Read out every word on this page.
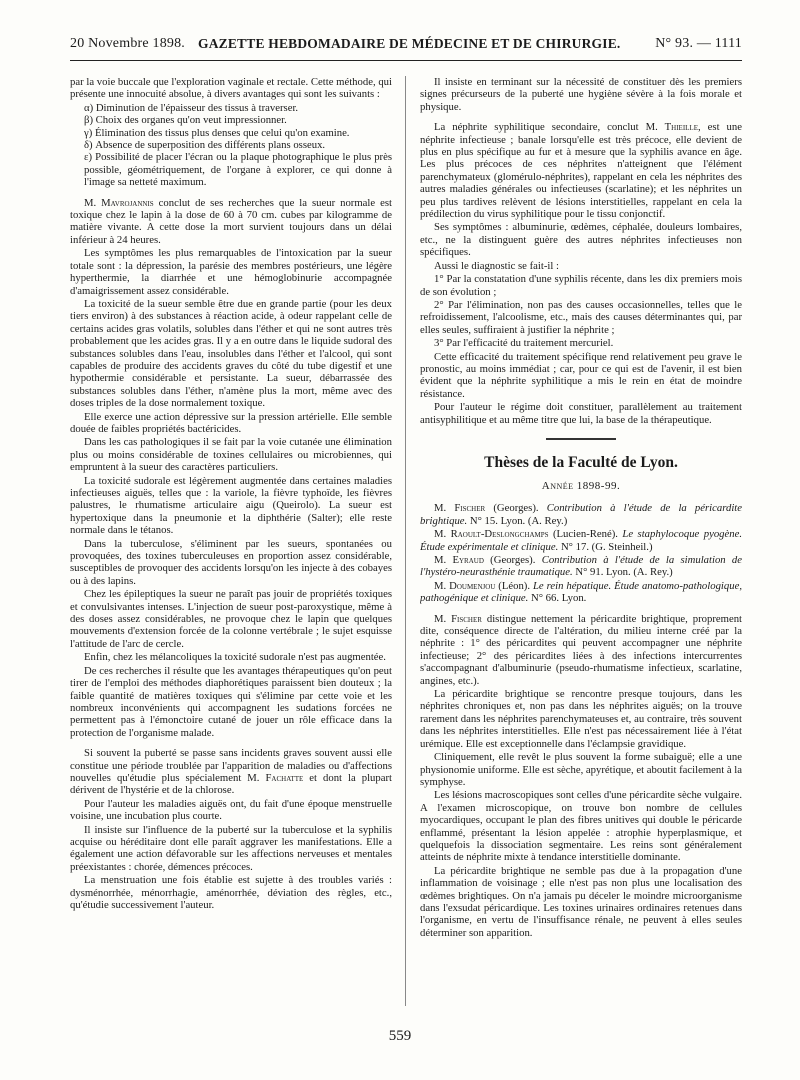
20 Novembre 1898. GAZETTE HEBDOMADAIRE DE MÉDECINE ET DE CHIRURGIE. N° 93. — 1111

par la voie buccale que l'exploration vaginale et rectale. Cette méthode, qui présente une innocuité absolue, à divers avantages qui sont les suivants :

α) Diminution de l'épaisseur des tissus à traverser.
β) Choix des organes qu'on veut impressionner.
γ) Élimination des tissus plus denses que celui qu'on examine.
δ) Absence de superposition des différents plans osseux.
ε) Possibilité de placer l'écran ou la plaque photographique le plus près possible, géométriquement, de l'organe à explorer, ce qui donne à l'image sa netteté maximum.

M. Mavrojannis conclut de ses recherches que la sueur normale est toxique chez le lapin à la dose de 60 à 70 cm. cubes par kilogramme de matière vivante. A cette dose la mort survient toujours dans un délai inférieur à 24 heures.

Les symptômes les plus remarquables de l'intoxication par la sueur totale sont : la dépression, la parésie des membres postérieurs, une légère hyperthermie, la diarrhée et une hémoglobinurie accompagnée d'amaigrissement assez considérable.

La toxicité de la sueur semble être due en grande partie (pour les deux tiers environ) à des substances à réaction acide, à odeur rappelant celle de certains acides gras volatils, solubles dans l'éther et qui ne sont autres très probablement que les acides gras. Il y a en outre dans le liquide sudoral des substances solubles dans l'eau, insolubles dans l'éther et l'alcool, qui sont capables de produire des accidents graves du côté du tube digestif et une hypothermie considérable et persistante. La sueur, débarrassée des substances solubles dans l'éther, n'amène plus la mort, même avec des doses triples de la dose normalement toxique.

Elle exerce une action dépressive sur la pression artérielle. Elle semble douée de faibles propriétés bactéricides.

Dans les cas pathologiques il se fait par la voie cutanée une élimination plus ou moins considérable de toxines cellulaires ou microbiennes, qui empruntent à la sueur des caractères particuliers.

La toxicité sudorale est légèrement augmentée dans certaines maladies infectieuses aiguës, telles que : la variole, la fièvre typhoïde, les fièvres palustres, le rhumatisme articulaire aigu (Queirolo). La sueur est hypertoxique dans la pneumonie et la diphthérie (Salter); elle reste normale dans le tétanos.

Dans la tuberculose, s'éliminent par les sueurs, spontanées ou provoquées, des toxines tuberculeuses en proportion assez considérable, susceptibles de provoquer des accidents lorsqu'on les injecte à des cobayes ou à des lapins.

Chez les épileptiques la sueur ne paraît pas jouir de propriétés toxiques et convulsivantes intenses. L'injection de sueur post-paroxystique, même à des doses assez considérables, ne provoque chez le lapin que quelques mouvements d'extension forcée de la colonne vertébrale ; le sujet esquisse l'attitude de l'arc de cercle.

Enfin, chez les mélancoliques la toxicité sudorale n'est pas augmentée.

De ces recherches il résulte que les avantages thérapeutiques qu'on peut tirer de l'emploi des méthodes diaphorétiques paraissent bien douteux ; la faible quantité de matières toxiques qui s'élimine par cette voie et les nombreux inconvénients qui accompagnent les sudations forcées ne permettent pas à l'émonctoire cutané de jouer un rôle efficace dans la protection de l'organisme malade.

Si souvent la puberté se passe sans incidents graves souvent aussi elle constitue une période troublée par l'apparition de maladies ou d'affections nouvelles qu'étudie plus spécialement M. Fachatte et dont la plupart dérivent de l'hystérie et de la chlorose.

Pour l'auteur les maladies aiguës ont, du fait d'une époque menstruelle voisine, une incubation plus courte.

Il insiste sur l'influence de la puberté sur la tuberculose et la syphilis acquise ou héréditaire dont elle paraît aggraver les manifestations. Elle a également une action défavorable sur les affections nerveuses et mentales préexistantes : chorée, démences précoces.

La menstruation une fois établie est sujette à des troubles variés : dysménorrhée, ménorrhagie, aménorrhée, déviation des règles, etc., qu'étudie successivement l'auteur.

Il insiste en terminant sur la nécessité de constituer dès les premiers signes précurseurs de la puberté une hygiène sévère à la fois morale et physique.

La néphrite syphilitique secondaire, conclut M. Thieille, est une néphrite infectieuse ; banale lorsqu'elle est très précoce, elle devient de plus en plus spécifique au fur et à mesure que la syphilis avance en âge. Les plus précoces de ces néphrites n'atteignent que l'élément parenchymateux (glomérulo-néphrites), rappelant en cela les néphrites des autres maladies générales ou infectieuses (scarlatine); et les néphrites un peu plus tardives relèvent de lésions interstitielles, rappelant en cela la prédilection du virus syphilitique pour le tissu conjonctif.

Ses symptômes : albuminurie, œdèmes, céphalée, douleurs lombaires, etc., ne la distinguent guère des autres néphrites infectieuses non spécifiques.

Aussi le diagnostic se fait-il :

1° Par la constatation d'une syphilis récente, dans les dix premiers mois de son évolution ;

2° Par l'élimination, non pas des causes occasionnelles, telles que le refroidissement, l'alcoolisme, etc., mais des causes déterminantes qui, par elles seules, suffiraient à justifier la néphrite ;

3° Par l'efficacité du traitement mercuriel.

Cette efficacité du traitement spécifique rend relativement peu grave le pronostic, au moins immédiat ; car, pour ce qui est de l'avenir, il est bien évident que la néphrite syphilitique a mis le rein en état de moindre résistance.

Pour l'auteur le régime doit constituer, parallèlement au traitement antisyphilitique et au même titre que lui, la base de la thérapeutique.

Thèses de la Faculté de Lyon.
Année 1898-99.

M. Fischer (Georges). Contribution à l'étude de la péricardite brightique. N° 15. Lyon. (A. Rey.)

M. Raoult-Deslongchamps (Lucien-René). Le staphylocoque pyogène. Étude expérimentale et clinique. N° 17. (G. Steinheil.)

M. Eyraud (Georges). Contribution à l'étude de la simulation de l'hystéro-neurasthénie traumatique. N° 91. Lyon. (A. Rey.)

M. Doumenjou (Léon). Le rein hépatique. Étude anatomo-pathologique, pathogénique et clinique. N° 66. Lyon.

M. Fischer distingue nettement la péricardite brightique, proprement dite, conséquence directe de l'altération, du milieu interne créé par la néphrite : 1° des péricardites qui peuvent accompagner une néphrite infectieuse; 2° des péricardites liées à des infections intercurrentes s'accompagnant d'albuminurie (pseudo-rhumatisme infectieux, scarlatine, angines, etc.).

La péricardite brightique se rencontre presque toujours, dans les néphrites chroniques et, non pas dans les néphrites aiguës; on la trouve rarement dans les néphrites parenchymateuses et, au contraire, très souvent dans les néphrites interstitielles. Elle n'est pas nécessairement liée à l'état urémique. Elle est exceptionnelle dans l'éclampsie gravidique.

Cliniquement, elle revêt le plus souvent la forme subaiguë; elle a une physionomie uniforme. Elle est sèche, apyrétique, et aboutit facilement à la symphyse.

Les lésions macroscopiques sont celles d'une péricardite sèche vulgaire. A l'examen microscopique, on trouve bon nombre de cellules myocardiques, occupant le plan des fibres unitives qui double le péricarde enflammé, présentant la lésion appelée : atrophie hyperplasmique, et quelquefois la dissociation segmentaire. Les reins sont généralement atteints de néphrite mixte à tendance interstitielle dominante.

La péricardite brightique ne semble pas due à la propagation d'une inflammation de voisinage ; elle n'est pas non plus une localisation des œdèmes brightiques. On n'a jamais pu déceler le moindre microorganisme dans l'exsudat péricardique. Les toxines urinaires ordinaires retenues dans l'organisme, en vertu de l'insuffisance rénale, ne peuvent à elles seules déterminer son apparition.

559
